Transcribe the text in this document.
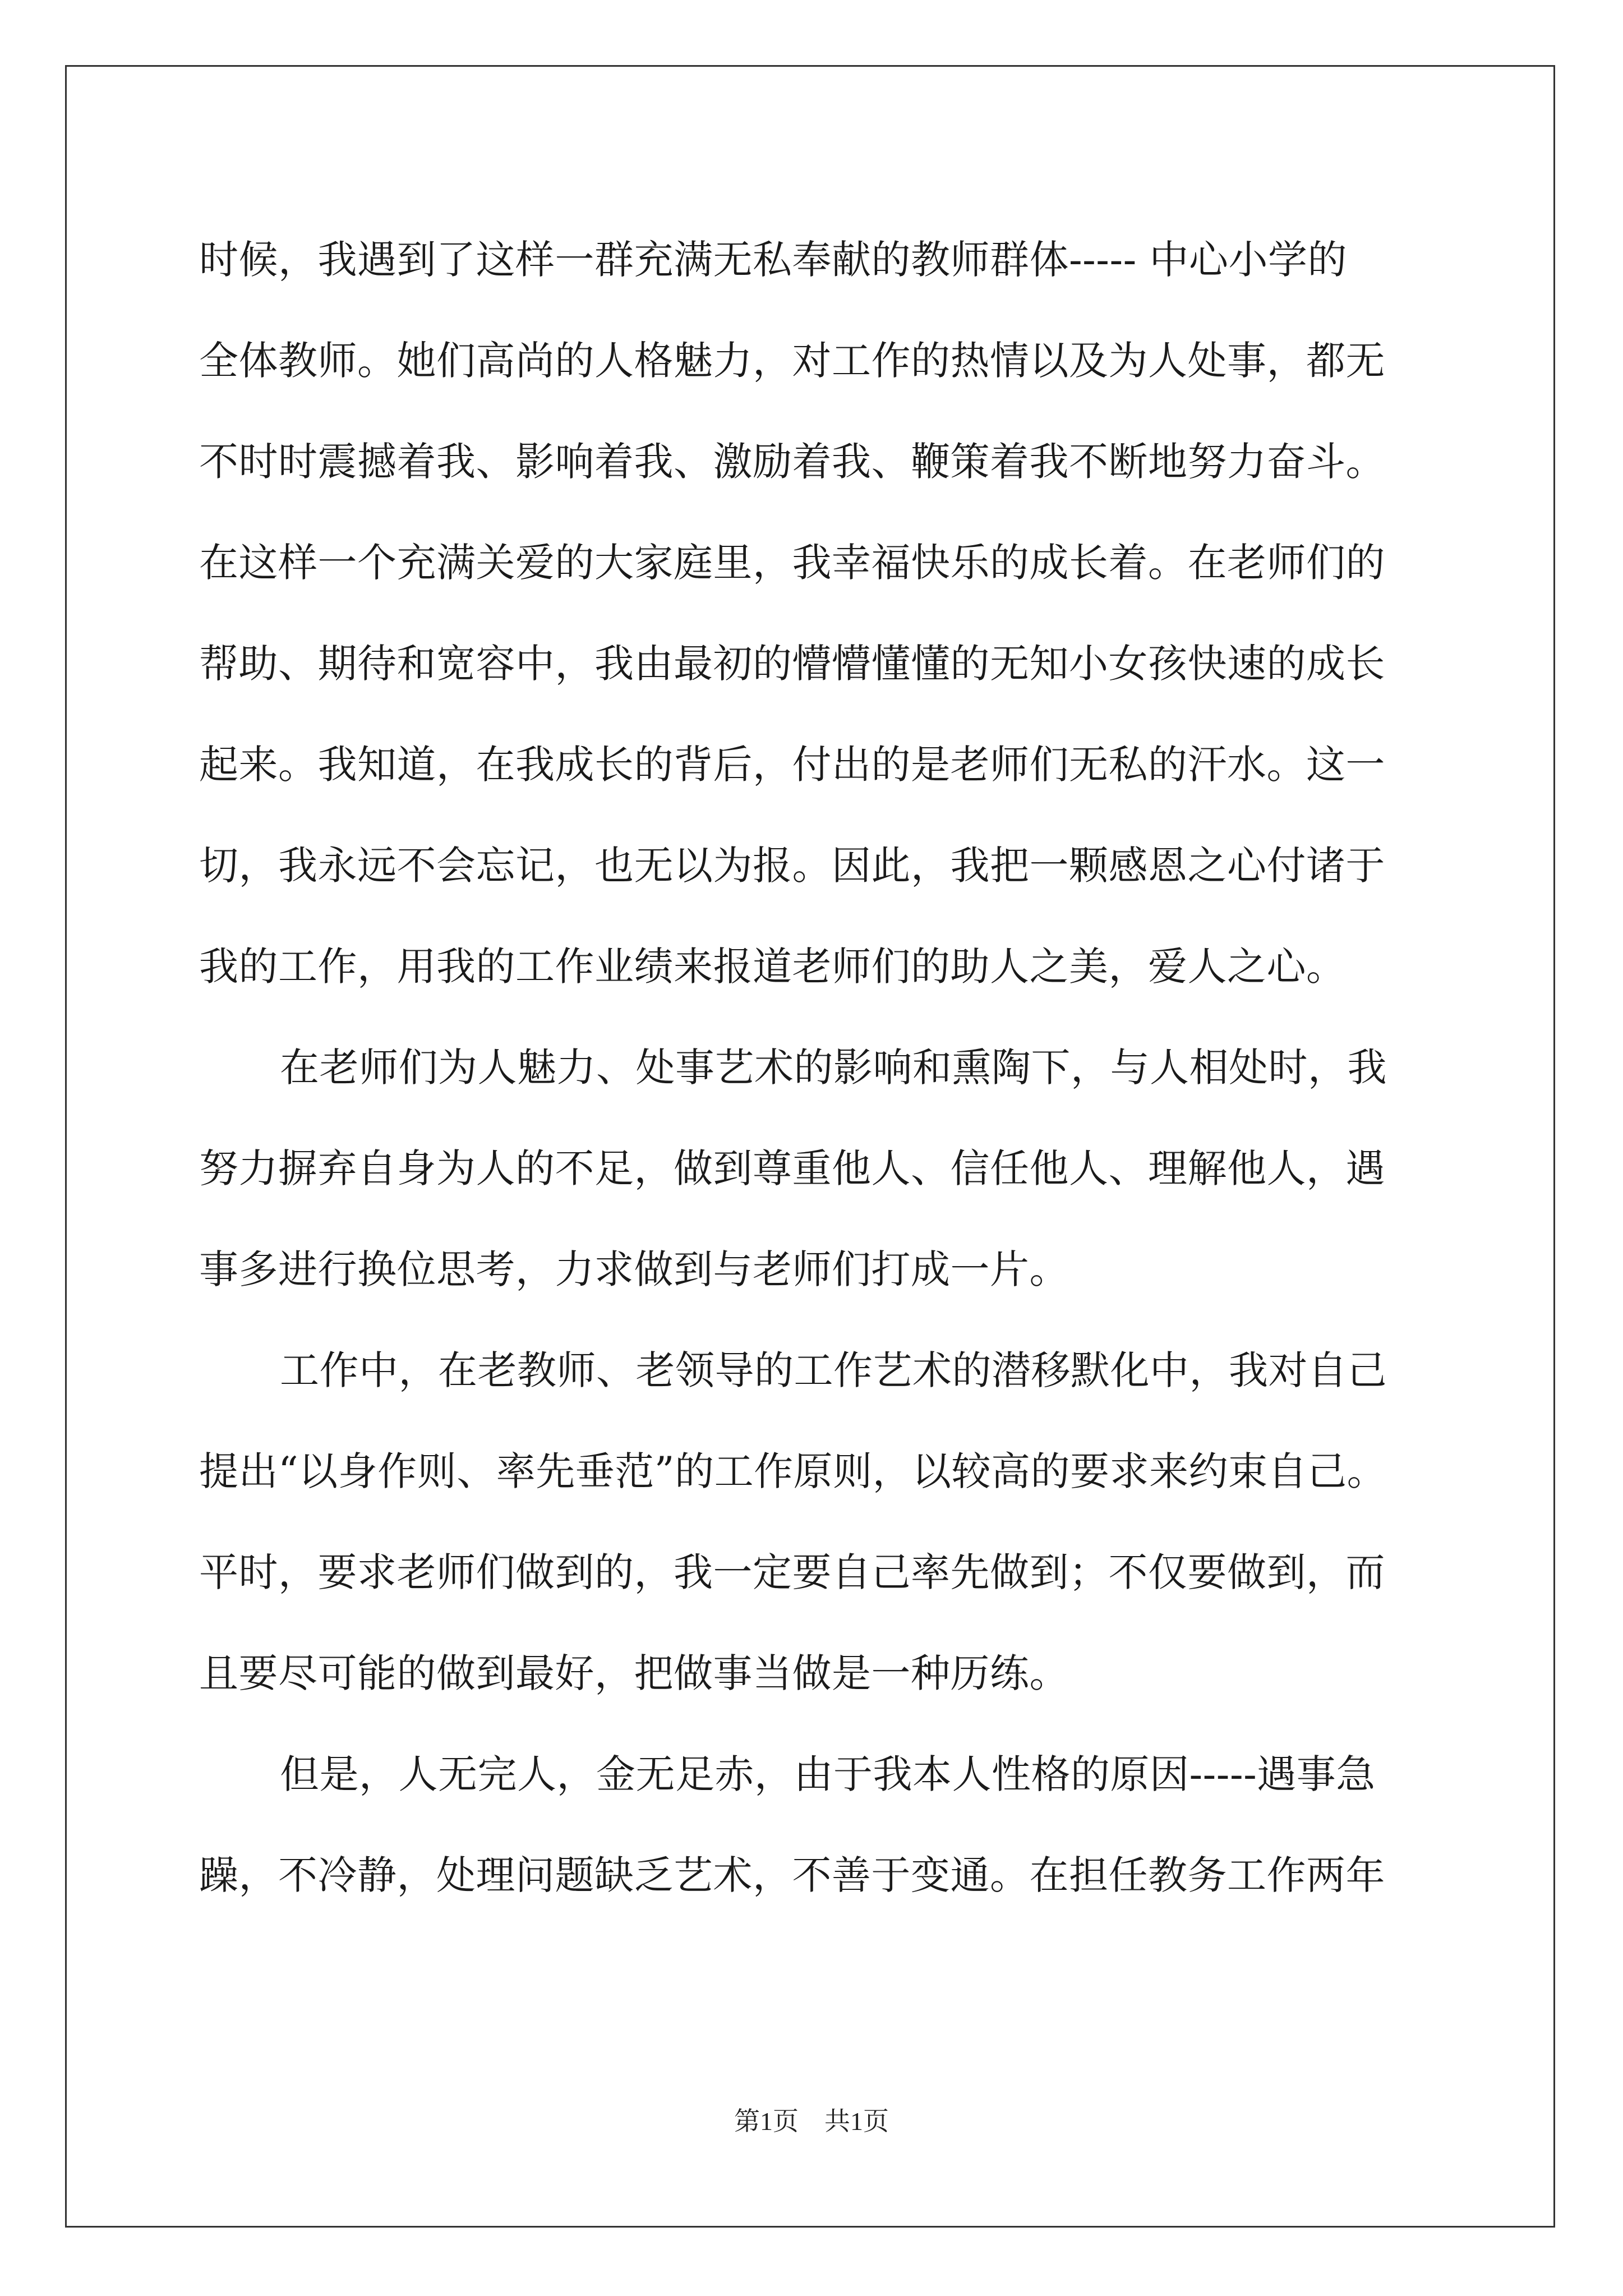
时候，我遇到了这样一群充满无私奉献的教师群体----- 中心小学的
全体教师。她们高尚的人格魅力，对工作的热情以及为人处事，都无
不时时震撼着我、影响着我、激励着我、鞭策着我不断地努力奋斗。
在这样一个充满关爱的大家庭里，我幸福快乐的成长着。在老师们的
帮助、期待和宽容中，我由最初的懵懵懂懂的无知小女孩快速的成长
起来。我知道，在我成长的背后，付出的是老师们无私的汗水。这一
切，我永远不会忘记，也无以为报。因此，我把一颗感恩之心付诸于
我的工作，用我的工作业绩来报道老师们的助人之美，爱人之心。
在老师们为人魅力、处事艺术的影响和熏陶下，与人相处时，我
努力摒弃自身为人的不足，做到尊重他人、信任他人、理解他人，遇
事多进行换位思考，力求做到与老师们打成一片。
工作中，在老教师、老领导的工作艺术的潜移默化中，我对自己
提出“以身作则、率先垂范”的工作原则，以较高的要求来约束自己。
平时，要求老师们做到的，我一定要自己率先做到；不仅要做到，而
且要尽可能的做到最好，把做事当做是一种历练。
但是，人无完人，金无足赤，由于我本人性格的原因-----遇事急
躁，不冷静，处理问题缺乏艺术，不善于变通。在担任教务工作两年
第1页　共1页
